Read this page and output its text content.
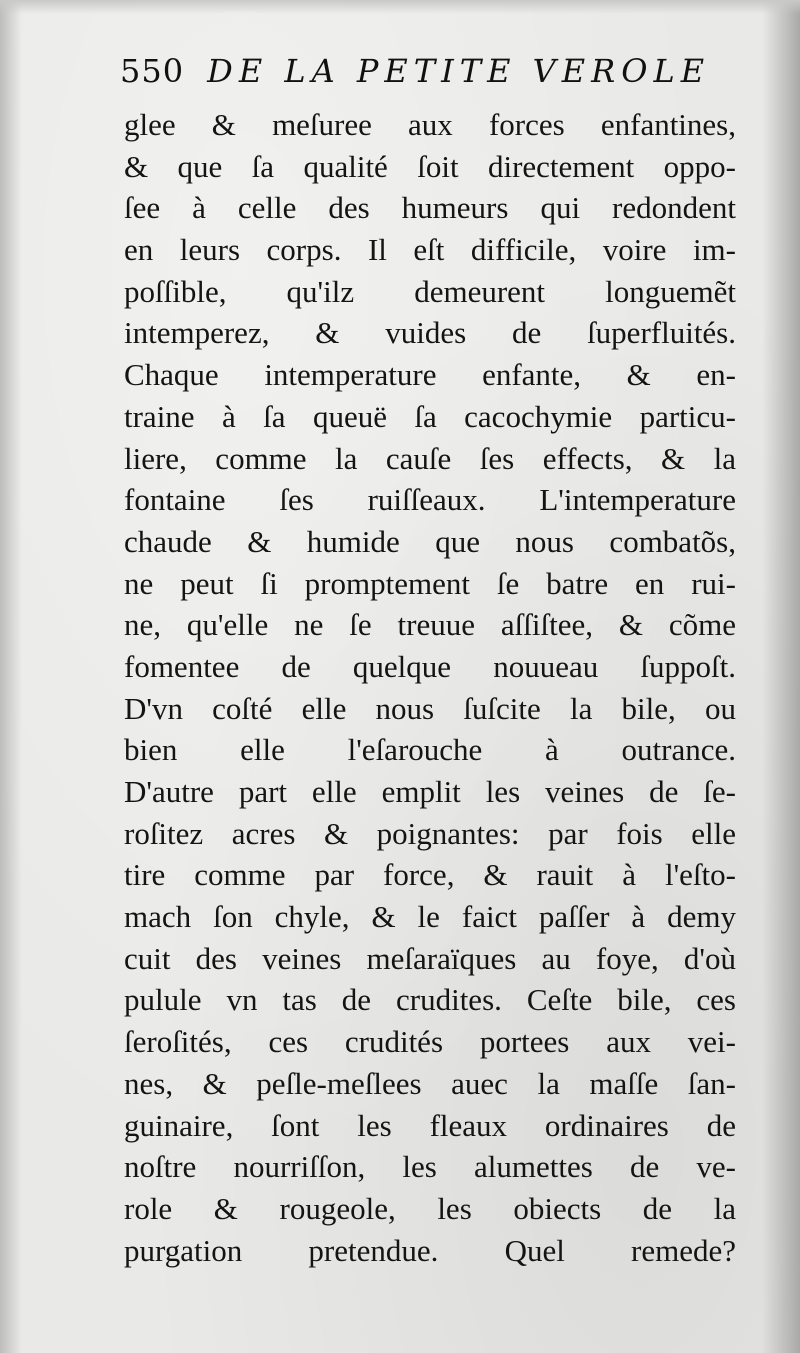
550 DE LA PETITE VEROLE
glee & meſuree aux forces enfantines,
& que ſa qualité ſoit directement oppo-
ſee à celle des humeurs qui redondent
en leurs corps. Il eſt difficile, voire im-
poſſible, qu'ilz demeurent longuemẽt
intemperez, & vuides de ſuperfluités.
Chaque intemperature enfante, & en-
traine à ſa queuë ſa cacochymie particu-
liere, comme la cauſe ſes effects, & la
fontaine ſes ruiſſeaux. L'intemperature
chaude & humide que nous combatõs,
ne peut ſi promptement ſe batre en rui-
ne, qu'elle ne ſe treuue aſſiſtee, & cõme
fomentee de quelque nouueau ſuppoſt.
D'vn coſté elle nous ſuſcite la bile, ou
bien elle l'eſarouche à outrance.
D'autre part elle emplit les veines de ſe-
roſitez acres & poignantes: par fois elle
tire comme par force, & rauit à l'eſto-
mach ſon chyle, & le faict paſſer à demy
cuit des veines meſaraïques au foye, d'où
pulule vn tas de crudites. Ceſte bile, ces
ſeroſités, ces crudités portees aux vei-
nes, & peſle-meſlees auec la maſſe ſan-
guinaire, ſont les fleaux ordinaires de
noſtre nourriſſon, les alumettes de ve-
role & rougeole, les obiects de la
purgation pretendue. Quel remede?
